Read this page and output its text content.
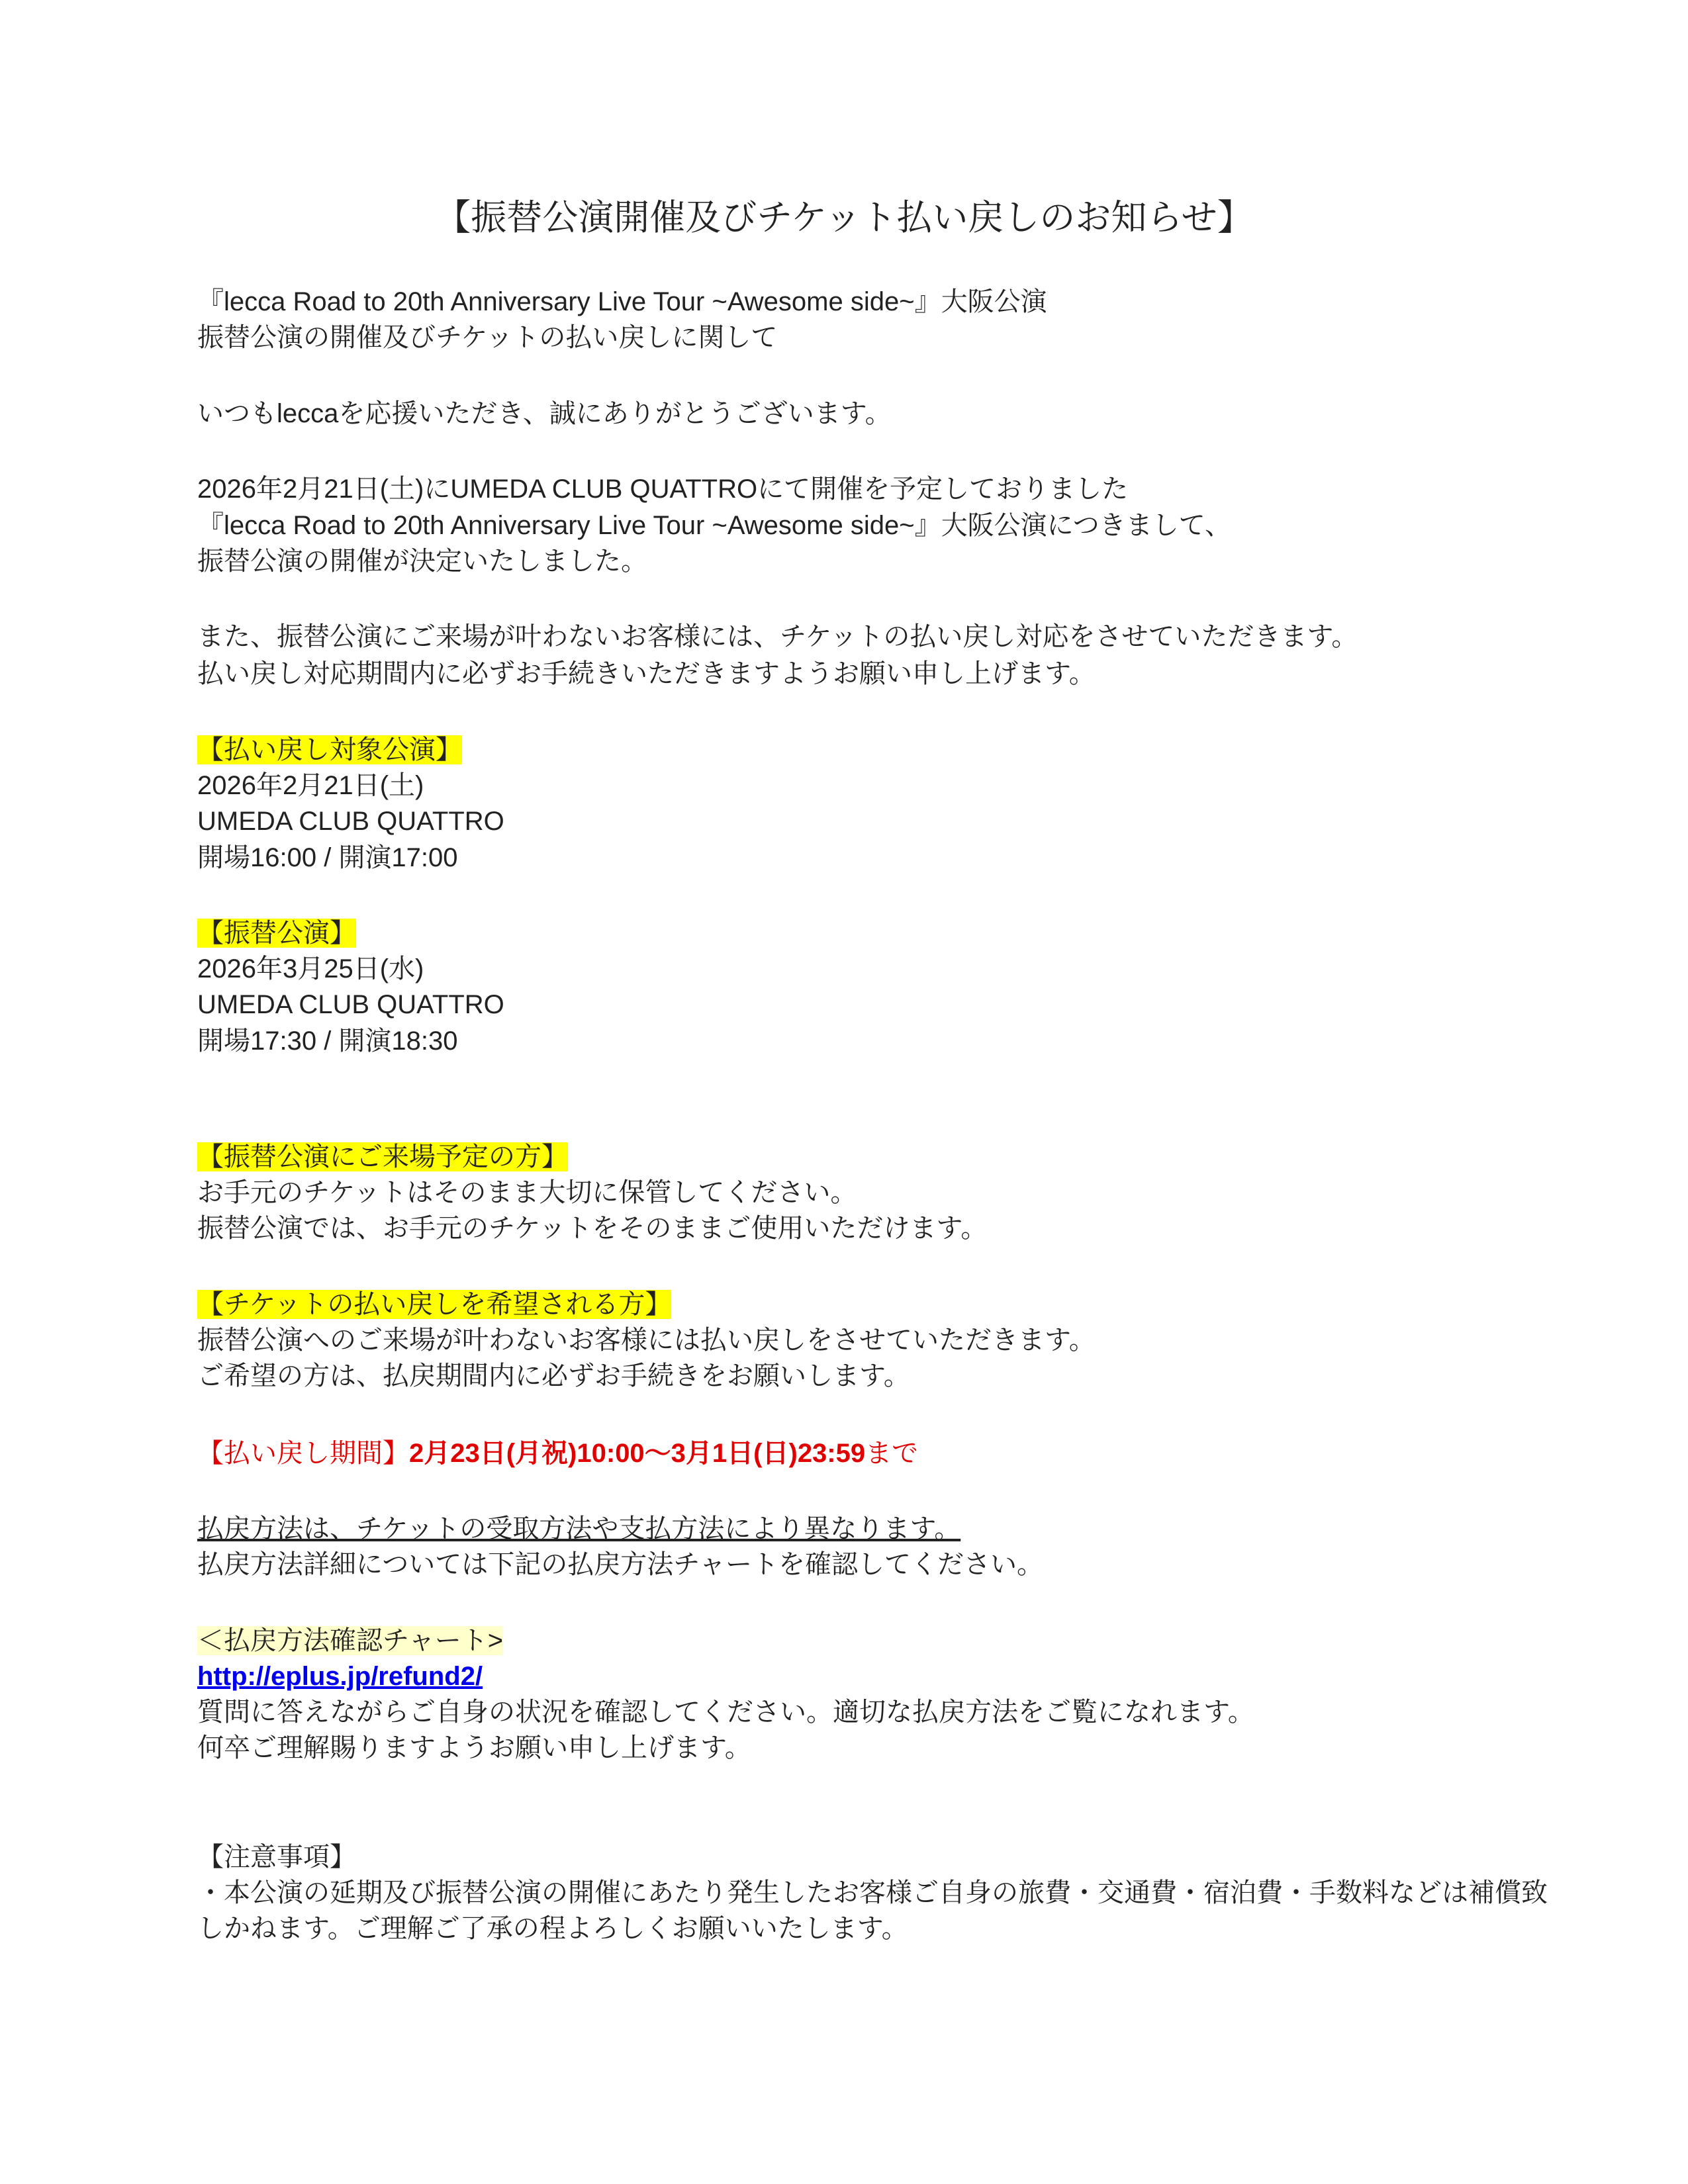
【振替公演開催及びチケット払い戻しのお知らせ】
『lecca Road to 20th Anniversary Live Tour ~Awesome side~』大阪公演
振替公演の開催及びチケットの払い戻しに関して
いつもleccaを応援いただき、誠にありがとうございます。
2026年2月21日(土)にUMEDA CLUB QUATTROにて開催を予定しておりました
『lecca Road to 20th Anniversary Live Tour ~Awesome side~』大阪公演につきまして、
振替公演の開催が決定いたしました。
また、振替公演にご来場が叶わないお客様には、チケットの払い戻し対応をさせていただきます。
払い戻し対応期間内に必ずお手続きいただきますようお願い申し上げます。
【払い戻し対象公演】
2026年2月21日(土)
UMEDA CLUB QUATTRO
開場16:00 / 開演17:00
【振替公演】
2026年3月25日(水)
UMEDA CLUB QUATTRO
開場17:30 / 開演18:30
【振替公演にご来場予定の方】
お手元のチケットはそのまま大切に保管してください。
振替公演では、お手元のチケットをそのままご使用いただけます。
【チケットの払い戻しを希望される方】
振替公演へのご来場が叶わないお客様には払い戻しをさせていただきます。
ご希望の方は、払戻期間内に必ずお手続きをお願いします。
【払い戻し期間】2月23日(月祝)10:00～3月1日(日)23:59まで
払戻方法は、チケットの受取方法や支払方法により異なります。
払戻方法詳細については下記の払戻方法チャートを確認してください。
＜払戻方法確認チャート>
http://eplus.jp/refund2/
質問に答えながらご自身の状況を確認してください。適切な払戻方法をご覧になれます。
何卒ご理解賜りますようお願い申し上げます。
【注意事項】
・本公演の延期及び振替公演の開催にあたり発生したお客様ご自身の旅費・交通費・宿泊費・手数料などは補償致
しかねます。ご理解ご了承の程よろしくお願いいたします。
